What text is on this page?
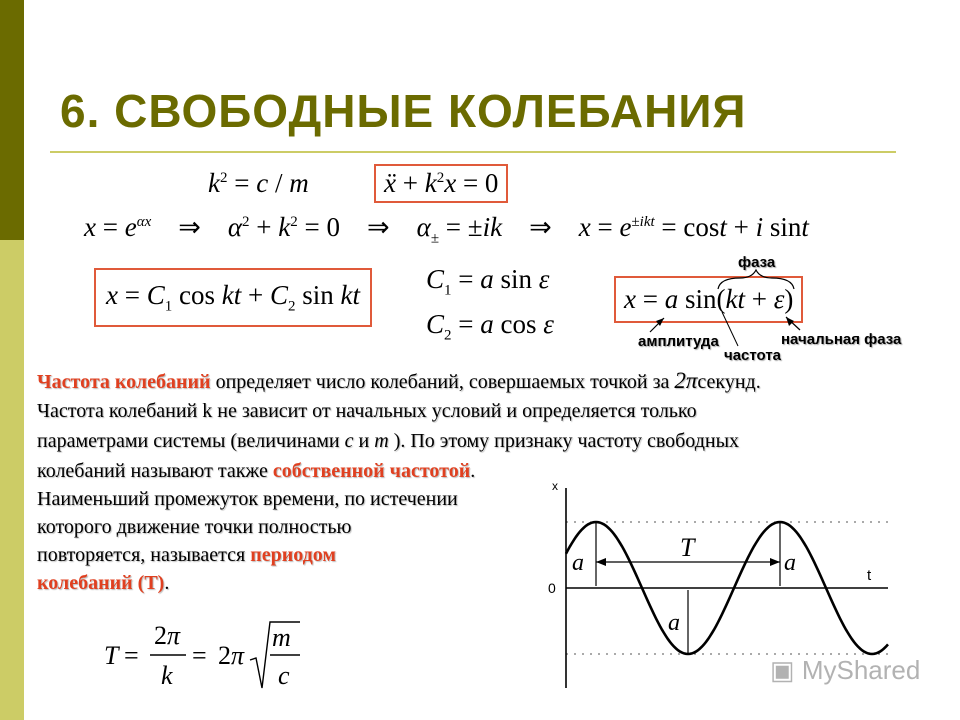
6. СВОБОДНЫЕ КОЛЕБАНИЯ
$k^2 = c / m$	ẍ + $k^2x = 0$
$x = e^{\alpha x}$    ⇒    $\alpha^2 + k^2 = 0$    ⇒    $\alpha_\pm = \pm ik$    ⇒    $x = e^{\pm ikt} = \cos t + i$ sint
$x = C_1$ cos kt + $C_2$ sin kt
$C_1 = a$ sin ε
$C_2 = a$ cos ε
x = a sin(kt + ε)
фаза
амплитуда
частота
начальная фаза
Частота колебаний определяет число колебаний, совершаемых точкой за 2πсекунд.
Частота колебаний k не зависит от начальных условий и определяется только
параметрами системы (величинами c и m ). По этому признаку частоту свободных
колебаний называют также собственной частотой.
Наименьший промежуток времени, по истечении
которого движение точки полностью
повторяется, называется периодом
колебаний (Т).
T =
2 π
k
= 2 π
m
c
x
0
t
T
a	a
a
▣ MyShared
